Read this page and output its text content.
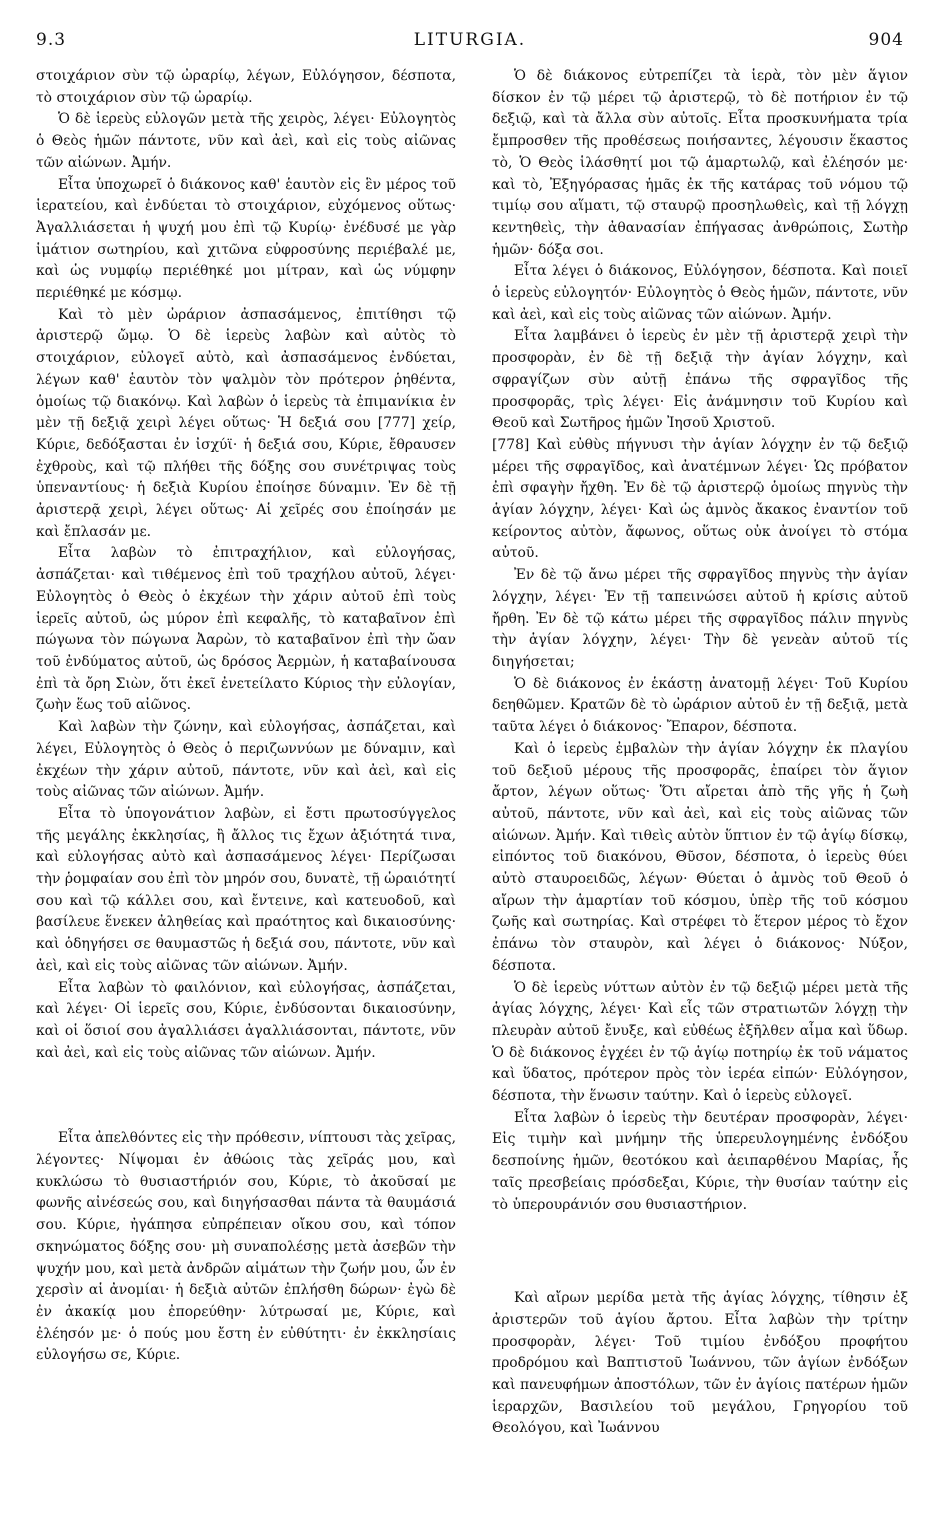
9.3	LITURGIA.	904

στοιχάριον σὺν τῷ ὠραρίῳ, λέγων, Εὐλόγησον, δέσποτα, τὸ στοιχάριον σὺν τῷ ὠραρίῳ.

Ὁ δὲ ἱερεὺς εὐλογῶν μετὰ τῆς χειρὸς, λέγει· Εὐλογητὸς ὁ Θεὸς ἡμῶν πάντοτε, νῦν καὶ ἀεὶ, καὶ εἰς τοὺς αἰῶνας τῶν αἰώνων. Ἀμήν.

Εἶτα ὑποχωρεῖ ὁ διάκονος καθ' ἑαυτὸν εἰς ἓν μέρος τοῦ ἱερατείου, καὶ ἐνδύεται τὸ στοιχάριον, εὐχόμενος οὕτως· Ἀγαλλιάσεται ἡ ψυχή μου ἐπὶ τῷ Κυρίῳ· ἐνέδυσέ με γὰρ ἱμάτιον σωτηρίου, καὶ χιτῶνα εὐφροσύνης περιέβαλέ με, καὶ ὡς νυμφίῳ περιέθηκέ μοι μίτραν, καὶ ὡς νύμφην περιέθηκέ με κόσμῳ.

Καὶ τὸ μὲν ὠράριον ἀσπασάμενος, ἐπιτίθησι τῷ ἀριστερῷ ὤμῳ. Ὁ δὲ ἱερεὺς λαβὼν καὶ αὐτὸς τὸ στοιχάριον, εὐλογεῖ αὐτὸ, καὶ ἀσπασάμενος ἐνδύεται, λέγων καθ' ἑαυτὸν τὸν ψαλμὸν τὸν πρότερον ῥηθέντα, ὁμοίως τῷ διακόνῳ. Καὶ λαβὼν ὁ ἱερεὺς τὰ ἐπιμανίκια ἐν μὲν τῇ δεξιᾷ χειρὶ λέγει οὕτως· Ἡ δεξιά σου [777] χείρ, Κύριε, δεδόξασται ἐν ἰσχύϊ· ἡ δεξιά σου, Κύριε, ἔθραυσεν ἐχθροὺς, καὶ τῷ πλήθει τῆς δόξης σου συνέτριψας τοὺς ὑπεναντίους· ἡ δεξιὰ Κυρίου ἐποίησε δύναμιν. Ἐν δὲ τῇ ἀριστερᾷ χειρὶ, λέγει οὕτως· Αἱ χεῖρές σου ἐποίησάν με καὶ ἔπλασάν με.

Εἶτα λαβὼν τὸ ἐπιτραχήλιον, καὶ εὐλογήσας, ἀσπάζεται· καὶ τιθέμενος ἐπὶ τοῦ τραχήλου αὐτοῦ, λέγει· Εὐλογητὸς ὁ Θεὸς ὁ ἐκχέων τὴν χάριν αὐτοῦ ἐπὶ τοὺς ἱερεῖς αὐτοῦ, ὡς μύρον ἐπὶ κεφαλῆς, τὸ καταβαῖνον ἐπὶ πώγωνα τὸν πώγωνα Ἀαρὼν, τὸ καταβαῖνον ἐπὶ τὴν ὤαν τοῦ ἐνδύματος αὐτοῦ, ὡς δρόσος Ἀερμὼν, ἡ καταβαίνουσα ἐπὶ τὰ ὄρη Σιὼν, ὅτι ἐκεῖ ἐνετείλατο Κύριος τὴν εὐλογίαν, ζωὴν ἕως τοῦ αἰῶνος.

Καὶ λαβὼν τὴν ζώνην, καὶ εὐλογήσας, ἀσπάζεται, καὶ λέγει, Εὐλογητὸς ὁ Θεὸς ὁ περιζωννύων με δύναμιν, καὶ ἐκχέων τὴν χάριν αὐτοῦ, πάντοτε, νῦν καὶ ἀεὶ, καὶ εἰς τοὺς αἰῶνας τῶν αἰώνων. Ἀμήν.

Εἶτα τὸ ὑπογονάτιον λαβὼν, εἰ ἔστι πρωτοσύγγελος τῆς μεγάλης ἐκκλησίας, ἢ ἄλλος τις ἔχων ἀξιότητά τινα, καὶ εὐλογήσας αὐτὸ καὶ ἀσπασάμενος λέγει· Περίζωσαι τὴν ῥομφαίαν σου ἐπὶ τὸν μηρόν σου, δυνατὲ, τῇ ὡραιότητί σου καὶ τῷ κάλλει σου, καὶ ἔντεινε, καὶ κατευοδοῦ, καὶ βασίλευε ἕνεκεν ἀληθείας καὶ πραότητος καὶ δικαιοσύνης· καὶ ὁδηγήσει σε θαυμαστῶς ἡ δεξιά σου, πάντοτε, νῦν καὶ ἀεὶ, καὶ εἰς τοὺς αἰῶνας τῶν αἰώνων. Ἀμήν.

Εἶτα λαβὼν τὸ φαιλόνιον, καὶ εὐλογήσας, ἀσπάζεται, καὶ λέγει· Οἱ ἱερεῖς σου, Κύριε, ἐνδύσονται δικαιοσύνην, καὶ οἱ ὅσιοί σου ἀγαλλιάσει ἀγαλλιάσονται, πάντοτε, νῦν καὶ ἀεὶ, καὶ εἰς τοὺς αἰῶνας τῶν αἰώνων. Ἀμήν.

Εἶτα ἀπελθόντες εἰς τὴν πρόθεσιν, νίπτουσι τὰς χεῖρας, λέγοντες· Νίψομαι ἐν ἀθώοις τὰς χεῖράς μου, καὶ κυκλώσω τὸ θυσιαστήριόν σου, Κύριε, τὸ ἀκοῦσαί με φωνῆς αἰνέσεώς σου, καὶ διηγήσασθαι πάντα τὰ θαυμάσιά σου. Κύριε, ἠγάπησα εὐπρέπειαν οἴκου σου, καὶ τόπον σκηνώματος δόξης σου· μὴ συναπολέσῃς μετὰ ἀσεβῶν τὴν ψυχήν μου, καὶ μετὰ ἀνδρῶν αἱμάτων τὴν ζωήν μου, ὧν ἐν χερσὶν αἱ ἀνομίαι· ἡ δεξιὰ αὐτῶν ἐπλήσθη δώρων· ἐγὼ δὲ ἐν ἀκακίᾳ μου ἐπορεύθην· λύτρωσαί με, Κύριε, καὶ ἐλέησόν με· ὁ πούς μου ἔστη ἐν εὐθύτητι· ἐν ἐκκλησίαις εὐλογήσω σε, Κύριε.

Ὁ δὲ διάκονος εὐτρεπίζει τὰ ἱερὰ, τὸν μὲν ἅγιον δίσκον ἐν τῷ μέρει τῷ ἀριστερῷ, τὸ δὲ ποτήριον ἐν τῷ δεξιῷ, καὶ τὰ ἄλλα σὺν αὐτοῖς. Εἶτα προσκυνήματα τρία ἔμπροσθεν τῆς προθέσεως ποιήσαντες, λέγουσιν ἕκαστος τὸ, Ὁ Θεὸς ἱλάσθητί μοι τῷ ἁμαρτωλῷ, καὶ ἐλέησόν με· καὶ τὸ, Ἐξηγόρασας ἡμᾶς ἐκ τῆς κατάρας τοῦ νόμου τῷ τιμίῳ σου αἵματι, τῷ σταυρῷ προσηλωθεὶς, καὶ τῇ λόγχῃ κεντηθεὶς, τὴν ἀθανασίαν ἐπήγασας ἀνθρώποις, Σωτὴρ ἡμῶν· δόξα σοι.

Εἶτα λέγει ὁ διάκονος, Εὐλόγησον, δέσποτα. Καὶ ποιεῖ ὁ ἱερεὺς εὐλογητόν· Εὐλογητὸς ὁ Θεὸς ἡμῶν, πάντοτε, νῦν καὶ ἀεὶ, καὶ εἰς τοὺς αἰῶνας τῶν αἰώνων. Ἀμήν.

Εἶτα λαμβάνει ὁ ἱερεὺς ἐν μὲν τῇ ἀριστερᾷ χειρὶ τὴν προσφορὰν, ἐν δὲ τῇ δεξιᾷ τὴν ἁγίαν λόγχην, καὶ σφραγίζων σὺν αὐτῇ ἐπάνω τῆς σφραγῖδος τῆς προσφορᾶς, τρὶς λέγει· Εἰς ἀνάμνησιν τοῦ Κυρίου καὶ Θεοῦ καὶ Σωτῆρος ἡμῶν Ἰησοῦ Χριστοῦ.

[778] Καὶ εὐθὺς πήγνυσι τὴν ἁγίαν λόγχην ἐν τῷ δεξιῷ μέρει τῆς σφραγῖδος, καὶ ἀνατέμνων λέγει· Ὡς πρόβατον ἐπὶ σφαγὴν ἤχθη. Ἐν δὲ τῷ ἀριστερῷ ὁμοίως πηγνὺς τὴν ἁγίαν λόγχην, λέγει· Καὶ ὡς ἀμνὸς ἄκακος ἐναντίον τοῦ κείροντος αὐτὸν, ἄφωνος, οὕτως οὐκ ἀνοίγει τὸ στόμα αὐτοῦ.

Ἐν δὲ τῷ ἄνω μέρει τῆς σφραγῖδος πηγνὺς τὴν ἁγίαν λόγχην, λέγει· Ἐν τῇ ταπεινώσει αὐτοῦ ἡ κρίσις αὐτοῦ ἤρθη. Ἐν δὲ τῷ κάτω μέρει τῆς σφραγῖδος πάλιν πηγνὺς τὴν ἁγίαν λόγχην, λέγει· Τὴν δὲ γενεὰν αὐτοῦ τίς διηγήσεται;

Ὁ δὲ διάκονος ἐν ἑκάστῃ ἀνατομῇ λέγει· Τοῦ Κυρίου δεηθῶμεν. Κρατῶν δὲ τὸ ὠράριον αὐτοῦ ἐν τῇ δεξιᾷ, μετὰ ταῦτα λέγει ὁ διάκονος· Ἔπαρον, δέσποτα.

Καὶ ὁ ἱερεὺς ἐμβαλὼν τὴν ἁγίαν λόγχην ἐκ πλαγίου τοῦ δεξιοῦ μέρους τῆς προσφορᾶς, ἐπαίρει τὸν ἅγιον ἄρτον, λέγων οὕτως· Ὅτι αἴρεται ἀπὸ τῆς γῆς ἡ ζωὴ αὐτοῦ, πάντοτε, νῦν καὶ ἀεὶ, καὶ εἰς τοὺς αἰῶνας τῶν αἰώνων. Ἀμήν. Καὶ τιθεὶς αὐτὸν ὕπτιον ἐν τῷ ἁγίῳ δίσκῳ, εἰπόντος τοῦ διακόνου, Θῦσον, δέσποτα, ὁ ἱερεὺς θύει αὐτὸ σταυροειδῶς, λέγων· Θύεται ὁ ἀμνὸς τοῦ Θεοῦ ὁ αἴρων τὴν ἁμαρτίαν τοῦ κόσμου, ὑπὲρ τῆς τοῦ κόσμου ζωῆς καὶ σωτηρίας. Καὶ στρέφει τὸ ἕτερον μέρος τὸ ἔχον ἐπάνω τὸν σταυρὸν, καὶ λέγει ὁ διάκονος· Νύξον, δέσποτα.

Ὁ δὲ ἱερεὺς νύττων αὐτὸν ἐν τῷ δεξιῷ μέρει μετὰ τῆς ἁγίας λόγχης, λέγει· Καὶ εἷς τῶν στρατιωτῶν λόγχῃ τὴν πλευρὰν αὐτοῦ ἔνυξε, καὶ εὐθέως ἐξῆλθεν αἷμα καὶ ὕδωρ. Ὁ δὲ διάκονος ἐγχέει ἐν τῷ ἁγίῳ ποτηρίῳ ἐκ τοῦ νάματος καὶ ὕδατος, πρότερον πρὸς τὸν ἱερέα εἰπών· Εὐλόγησον, δέσποτα, τὴν ἕνωσιν ταύτην. Καὶ ὁ ἱερεὺς εὐλογεῖ.

Εἶτα λαβὼν ὁ ἱερεὺς τὴν δευτέραν προσφορὰν, λέγει· Εἰς τιμὴν καὶ μνήμην τῆς ὑπερευλογημένης ἐνδόξου δεσποίνης ἡμῶν, θεοτόκου καὶ ἀειπαρθένου Μαρίας, ἧς ταῖς πρεσβείαις πρόσδεξαι, Κύριε, τὴν θυσίαν ταύτην εἰς τὸ ὑπερουράνιόν σου θυσιαστήριον.

Καὶ αἴρων μερίδα μετὰ τῆς ἁγίας λόγχης, τίθησιν ἐξ ἀριστερῶν τοῦ ἁγίου ἄρτου. Εἶτα λαβὼν τὴν τρίτην προσφορὰν, λέγει· Τοῦ τιμίου ἐνδόξου προφήτου προδρόμου καὶ Βαπτιστοῦ Ἰωάννου, τῶν ἁγίων ἐνδόξων καὶ πανευφήμων ἀποστόλων, τῶν ἐν ἁγίοις πατέρων ἡμῶν ἱεραρχῶν, Βασιλείου τοῦ μεγάλου, Γρηγορίου τοῦ Θεολόγου, καὶ Ἰωάννου
